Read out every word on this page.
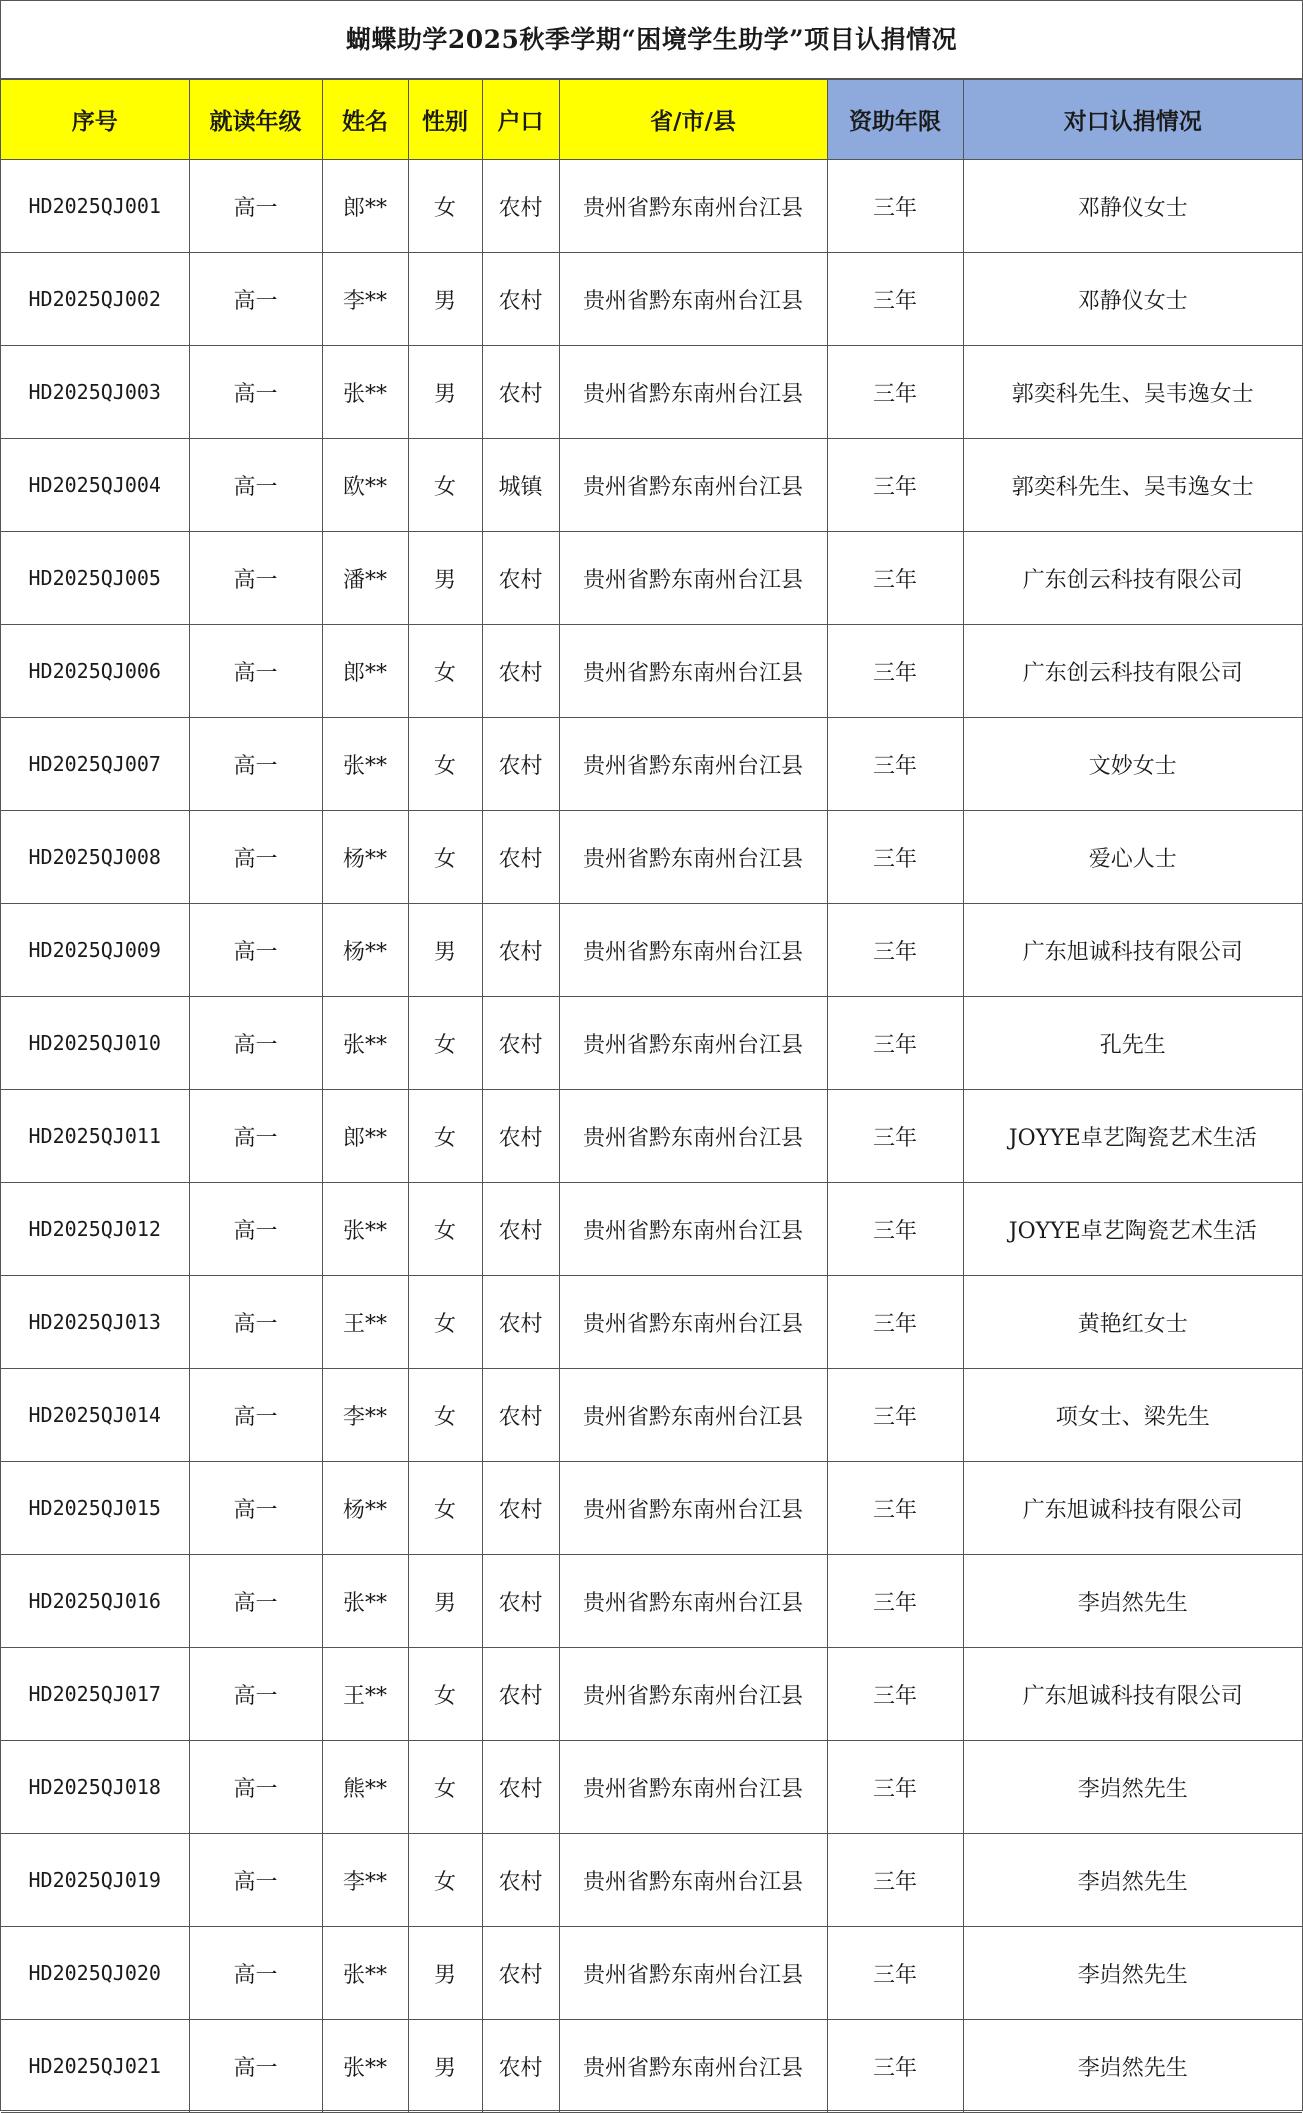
蝴蝶助学2025秋季学期“困境学生助学”项目认捐情况
序号	就读年级	姓名	性别	户口	省/市/县	资助年限	对口认捐情况
HD2025QJ001	高一	郎**	女	农村	贵州省黔东南州台江县	三年	邓静仪女士
HD2025QJ002	高一	李**	男	农村	贵州省黔东南州台江县	三年	邓静仪女士
HD2025QJ003	高一	张**	男	农村	贵州省黔东南州台江县	三年	郭奕科先生、吴韦逸女士
HD2025QJ004	高一	欧**	女	城镇	贵州省黔东南州台江县	三年	郭奕科先生、吴韦逸女士
HD2025QJ005	高一	潘**	男	农村	贵州省黔东南州台江县	三年	广东创云科技有限公司
HD2025QJ006	高一	郎**	女	农村	贵州省黔东南州台江县	三年	广东创云科技有限公司
HD2025QJ007	高一	张**	女	农村	贵州省黔东南州台江县	三年	文妙女士
HD2025QJ008	高一	杨**	女	农村	贵州省黔东南州台江县	三年	爱心人士
HD2025QJ009	高一	杨**	男	农村	贵州省黔东南州台江县	三年	广东旭诚科技有限公司
HD2025QJ010	高一	张**	女	农村	贵州省黔东南州台江县	三年	孔先生
HD2025QJ011	高一	郎**	女	农村	贵州省黔东南州台江县	三年	JOYYE卓艺陶瓷艺术生活
HD2025QJ012	高一	张**	女	农村	贵州省黔东南州台江县	三年	JOYYE卓艺陶瓷艺术生活
HD2025QJ013	高一	王**	女	农村	贵州省黔东南州台江县	三年	黄艳红女士
HD2025QJ014	高一	李**	女	农村	贵州省黔东南州台江县	三年	项女士、梁先生
HD2025QJ015	高一	杨**	女	农村	贵州省黔东南州台江县	三年	广东旭诚科技有限公司
HD2025QJ016	高一	张**	男	农村	贵州省黔东南州台江县	三年	李岿然先生
HD2025QJ017	高一	王**	女	农村	贵州省黔东南州台江县	三年	广东旭诚科技有限公司
HD2025QJ018	高一	熊**	女	农村	贵州省黔东南州台江县	三年	李岿然先生
HD2025QJ019	高一	李**	女	农村	贵州省黔东南州台江县	三年	李岿然先生
HD2025QJ020	高一	张**	男	农村	贵州省黔东南州台江县	三年	李岿然先生
HD2025QJ021	高一	张**	男	农村	贵州省黔东南州台江县	三年	李岿然先生
